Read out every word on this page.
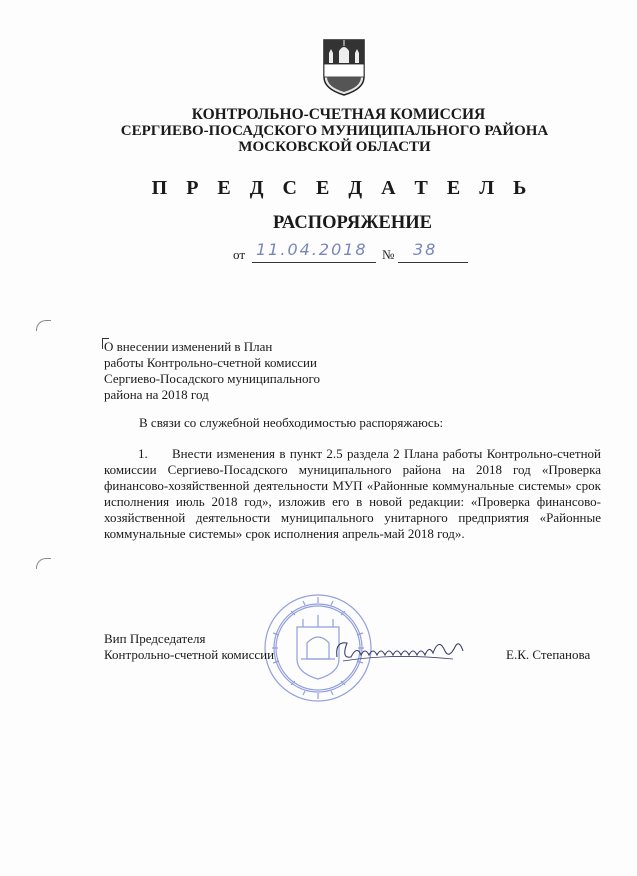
КОНТРОЛЬНО-СЧЕТНАЯ КОМИССИЯ
СЕРГИЕВО-ПОСАДСКОГО МУНИЦИПАЛЬНОГО РАЙОНА
МОСКОВСКОЙ ОБЛАСТИ
П Р Е Д С Е Д А Т Е Л Ь
РАСПОРЯЖЕНИЕ
от 11.04.2018 № 38
О внесении изменений в План
работы Контрольно-счетной комиссии
Сергиево-Посадского муниципального
района на 2018 год
В связи со служебной необходимостью распоряжаюсь:
1. Внести изменения в пункт 2.5 раздела 2 Плана работы Контрольно-счетной комиссии Сергиево-Посадского муниципального района на 2018 год «Проверка финансово-хозяйственной деятельности МУП «Районные коммунальные системы» срок исполнения июль 2018 год», изложив его в новой редакции: «Проверка финансово-хозяйственной деятельности муниципального унитарного предприятия «Районные коммунальные системы» срок исполнения апрель-май 2018 год».
Вип Председателя
Контрольно-счетной комиссии	Е.К. Степанова
